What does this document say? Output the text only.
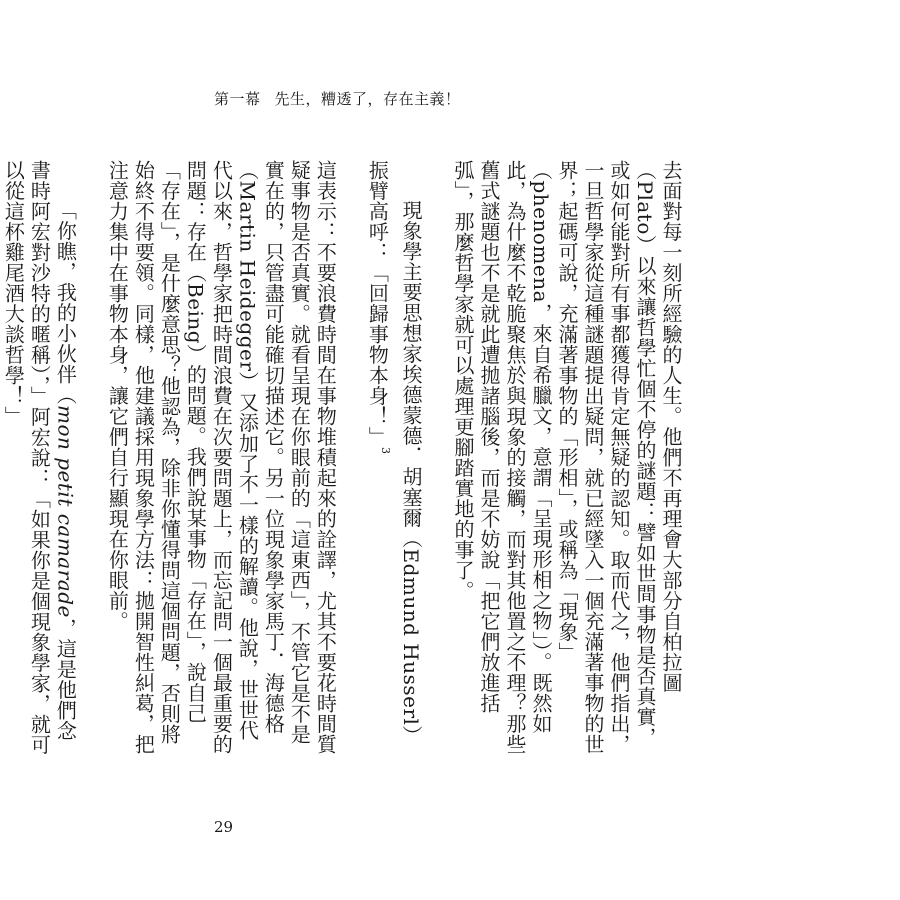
第一幕 先生，糟透了，存在主義！

去面對每一刻所經驗的人生。他們不再理會大部分自柏拉圖（Plato）以來讓哲學忙個不停的謎題：譬如世間事物是否真實，或如何能對所有事都獲得肯定無疑的認知。取而代之，他們指出，一旦哲學家從這種謎題提出疑問，就已經墜入一個充滿著事物的世界；起碼可說，充滿著事物的「形相」，或稱為「現象」（phenomena，來自希臘文，意謂「呈現形相之物」）。既然如此，為什麼不乾脆聚焦於與現象的接觸，而對其他置之不理？那些舊式謎題也不是就此遭拋諸腦後，而是不妨說「把它們放進括弧」，那麼哲學家就可以處理更腳踏實地的事了。

現象學主要思想家埃德蒙德．胡塞爾（Edmund Husserl）振臂高呼：「回歸事物本身！」$^3$

這表示：不要浪費時間在事物堆積起來的詮譯，尤其不要花時間質疑事物是否真實。就看呈現在你眼前的「這東西」，不管它是不是實在的，只管盡可能確切描述它。另一位現象學家馬丁．海德格（Martin Heidegger）又添加了不一樣的解讀。他說，世世代代以來，哲學家把時間浪費在次要問題上，而忘記問一個最重要的問題：存在（Being）的問題。我們說某事物「存在」，說自己「存在」，是什麼意思？他認為，除非你懂得問這個問題，否則將始終不得要領。同樣，他建議採用現象學方法：拋開智性糾葛，把注意力集中在事物本身，讓它們自行顯現在你眼前。

「你瞧，我的小伙伴（mon petit camarade，這是他們念書時阿宏對沙特的暱稱），」阿宏說：「如果你是個現象學家，就可以從這杯雞尾酒大談哲學！」

29
